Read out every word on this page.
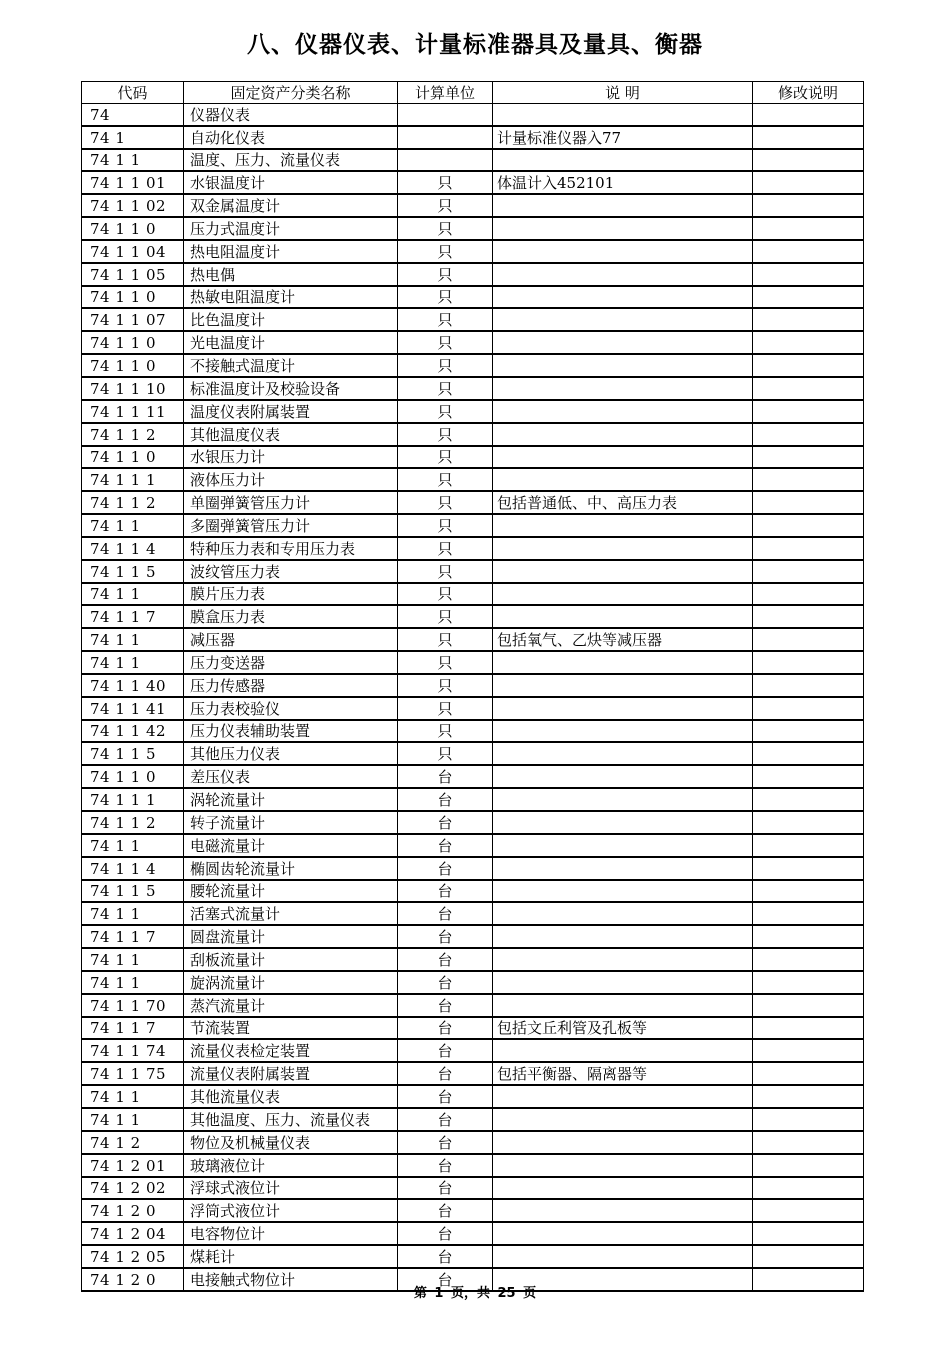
八、仪器仪表、计量标准器具及量具、衡器
代码	固定资产分类名称	计算单位	说 明	修改说明
74	仪器仪表			
74 1	自动化仪表		计量标准仪器入77	
74 1 1	温度、压力、流量仪表			
74 1 1 01	水银温度计	只	体温计入452101	
74 1 1 02	双金属温度计	只		
74 1 1 0	压力式温度计	只		
74 1 1 04	热电阻温度计	只		
74 1 1 05	热电偶	只		
74 1 1 0	热敏电阻温度计	只		
74 1 1 07	比色温度计	只		
74 1 1 0	光电温度计	只		
74 1 1 0	不接触式温度计	只		
74 1 1 10	标准温度计及校验设备	只		
74 1 1 11	温度仪表附属装置	只		
74 1 1 2	其他温度仪表	只		
74 1 1 0	水银压力计	只		
74 1 1 1	液体压力计	只		
74 1 1 2	单圈弹簧管压力计	只	包括普通低、中、高压力表	
74 1 1	多圈弹簧管压力计	只		
74 1 1 4	特种压力表和专用压力表	只		
74 1 1 5	波纹管压力表	只		
74 1 1	膜片压力表	只		
74 1 1 7	膜盒压力表	只		
74 1 1	减压器	只	包括氧气、乙炔等减压器	
74 1 1	压力变送器	只		
74 1 1 40	压力传感器	只		
74 1 1 41	压力表校验仪	只		
74 1 1 42	压力仪表辅助装置	只		
74 1 1 5	其他压力仪表	只		
74 1 1 0	差压仪表	台		
74 1 1 1	涡轮流量计	台		
74 1 1 2	转子流量计	台		
74 1 1	电磁流量计	台		
74 1 1 4	椭圆齿轮流量计	台		
74 1 1 5	腰轮流量计	台		
74 1 1	活塞式流量计	台		
74 1 1 7	圆盘流量计	台		
74 1 1	刮板流量计	台		
74 1 1	旋涡流量计	台		
74 1 1 70	蒸汽流量计	台		
74 1 1 7	节流装置	台	包括文丘利管及孔板等	
74 1 1 74	流量仪表检定装置	台		
74 1 1 75	流量仪表附属装置	台	包括平衡器、隔离器等	
74 1 1	其他流量仪表	台		
74 1 1	其他温度、压力、流量仪表	台		
74 1 2	物位及机械量仪表	台		
74 1 2 01	玻璃液位计	台		
74 1 2 02	浮球式液位计	台		
74 1 2 0	浮筒式液位计	台		
74 1 2 04	电容物位计	台		
74 1 2 05	煤耗计	台		
74 1 2 0	电接触式物位计	台		
第 1 页，共 25 页
